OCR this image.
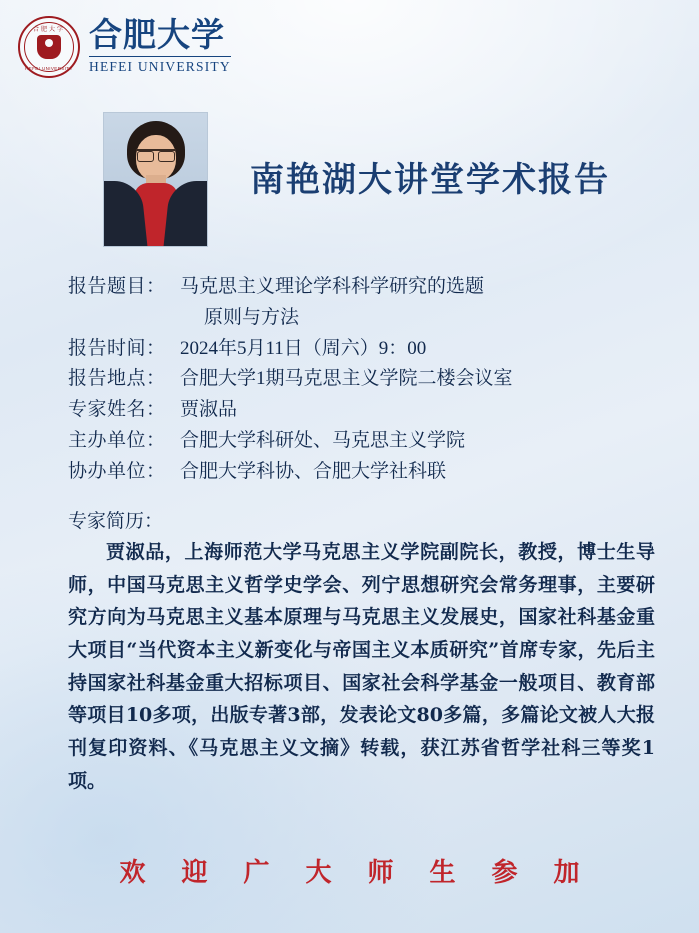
合肥大学
HEFEI UNIVERSITY
合肥大学
HEFEI UNIVERSITY
南艳湖大讲堂学术报告
报告题目： 马克思主义理论学科科学研究的选题
原则与方法
报告时间： 2024年5月11日（周六）9：00
报告地点： 合肥大学1期马克思主义学院二楼会议室
专家姓名： 贾淑品
主办单位： 合肥大学科研处、马克思主义学院
协办单位： 合肥大学科协、合肥大学社科联
专家简历：
贾淑品，上海师范大学马克思主义学院副院长，教授，博士生导师，中国马克思主义哲学史学会、列宁思想研究会常务理事，主要研究方向为马克思主义基本原理与马克思主义发展史，国家社科基金重大项目“当代资本主义新变化与帝国主义本质研究”首席专家，先后主持国家社科基金重大招标项目、国家社会科学基金一般项目、教育部等项目10多项，出版专著3部，发表论文80多篇，多篇论文被人大报刊复印资料、《马克思主义文摘》转载，获江苏省哲学社科三等奖1项。
欢 迎 广 大 师 生 参 加
